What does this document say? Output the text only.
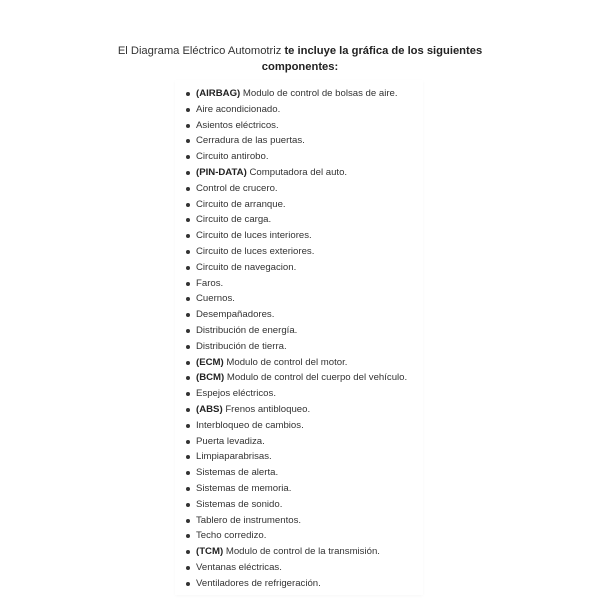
El Diagrama Eléctrico Automotriz te incluye la gráfica de los siguientes componentes:

(AIRBAG) Modulo de control de bolsas de aire.
Aire acondicionado.
Asientos eléctricos.
Cerradura de las puertas.
Circuito antirobo.
(PIN-DATA) Computadora del auto.
Control de crucero.
Circuito de arranque.
Circuito de carga.
Circuito de luces interiores.
Circuito de luces exteriores.
Circuito de navegacion.
Faros.
Cuernos.
Desempañadores.
Distribución de energía.
Distribución de tierra.
(ECM) Modulo de control del motor.
(BCM) Modulo de control del cuerpo del vehículo.
Espejos eléctricos.
(ABS) Frenos antibloqueo.
Interbloqueo de cambios.
Puerta levadiza.
Limpiaparabrisas.
Sistemas de alerta.
Sistemas de memoria.
Sistemas de sonido.
Tablero de instrumentos.
Techo corredizo.
(TCM) Modulo de control de la transmisión.
Ventanas eléctricas.
Ventiladores de refrigeración.
